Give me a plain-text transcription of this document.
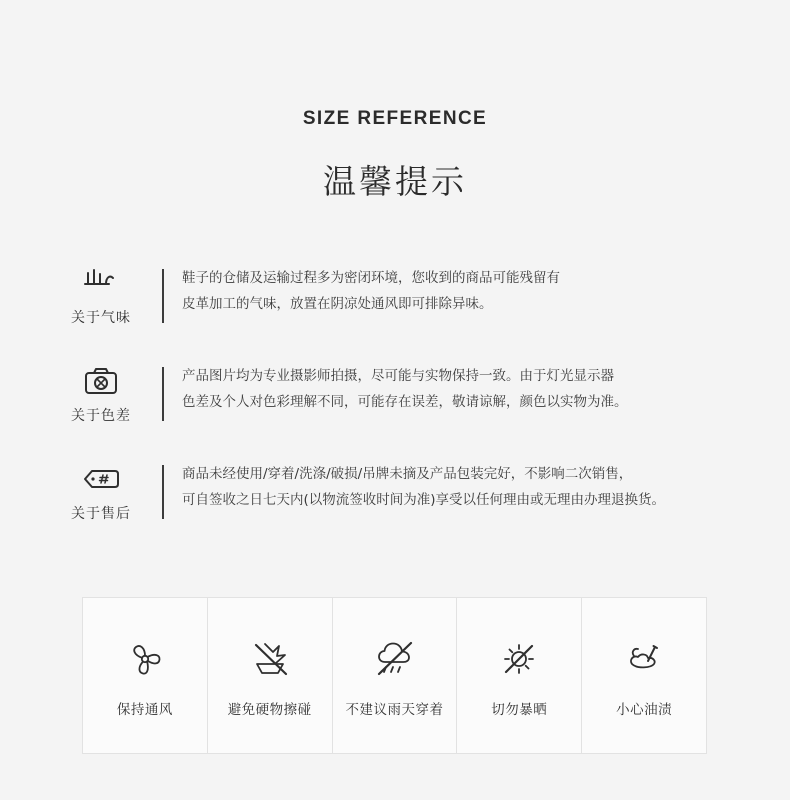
SIZE REFERENCE
温馨提示
关于气味

鞋子的仓储及运输过程多为密闭环境，您收到的商品可能残留有

皮革加工的气味，放置在阴凉处通风即可排除异味。

关于色差

产品图片均为专业摄影师拍摄，尽可能与实物保持一致。由于灯光显示器

色差及个人对色彩理解不同，可能存在误差，敬请谅解，颜色以实物为准。

关于售后

商品未经使用/穿着/洗涤/破损/吊牌未摘及产品包装完好，不影响二次销售，

可自签收之日七天内(以物流签收时间为准)享受以任何理由或无理由办理退换货。

保持通风	避免硬物擦碰	不建议雨天穿着	切勿暴晒	小心油渍
